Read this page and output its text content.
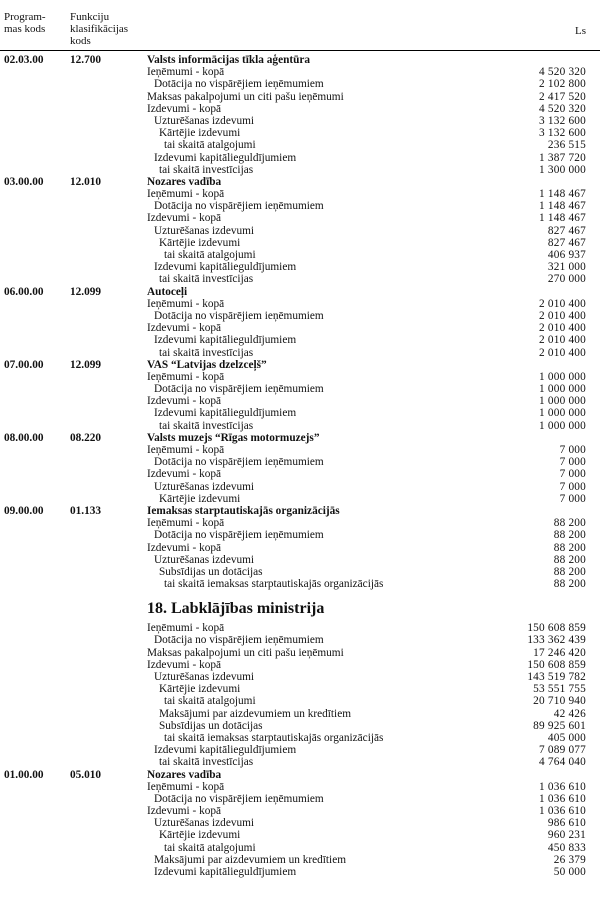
Program-
mas kods
Funkciju
klasifikācijas
kods
Ls
02.03.00 12.700	Valsts informācijas tīkla aģentūra
Ieņēmumi - kopā	4 520 320
Dotācija no vispārējiem ieņēmumiem	2 102 800
Maksas pakalpojumi un citi pašu ieņēmumi	2 417 520
Izdevumi - kopā	4 520 320
Uzturēšanas izdevumi	3 132 600
Kārtējie izdevumi	3 132 600
tai skaitā atalgojumi	236 515
Izdevumi kapitālieguldījumiem	1 387 720
tai skaitā investīcijas	1 300 000
03.00.00 12.010	Nozares vadība
Ieņēmumi - kopā	1 148 467
Dotācija no vispārējiem ieņēmumiem	1 148 467
Izdevumi - kopā	1 148 467
Uzturēšanas izdevumi	827 467
Kārtējie izdevumi	827 467
tai skaitā atalgojumi	406 937
Izdevumi kapitālieguldījumiem	321 000
tai skaitā investīcijas	270 000
06.00.00 12.099	Autoceļi
Ieņēmumi - kopā	2 010 400
Dotācija no vispārējiem ieņēmumiem	2 010 400
Izdevumi - kopā	2 010 400
Izdevumi kapitālieguldījumiem	2 010 400
tai skaitā investīcijas	2 010 400
07.00.00 12.099	VAS “Latvijas dzelzceļš”
Ieņēmumi - kopā	1 000 000
Dotācija no vispārējiem ieņēmumiem	1 000 000
Izdevumi - kopā	1 000 000
Izdevumi kapitālieguldījumiem	1 000 000
tai skaitā investīcijas	1 000 000
08.00.00 08.220	Valsts muzejs “Rīgas motormuzejs”
Ieņēmumi - kopā	7 000
Dotācija no vispārējiem ieņēmumiem	7 000
Izdevumi - kopā	7 000
Uzturēšanas izdevumi	7 000
Kārtējie izdevumi	7 000
09.00.00 01.133	Iemaksas starptautiskajās organizācijās
Ieņēmumi - kopā	88 200
Dotācija no vispārējiem ieņēmumiem	88 200
Izdevumi - kopā	88 200
Uzturēšanas izdevumi	88 200
Subsīdijas un dotācijas	88 200
tai skaitā iemaksas starptautiskajās organizācijās	88 200
18. Labklājības ministrija
Ieņēmumi - kopā	150 608 859
Dotācija no vispārējiem ieņēmumiem	133 362 439
Maksas pakalpojumi un citi pašu ieņēmumi	17 246 420
Izdevumi - kopā	150 608 859
Uzturēšanas izdevumi	143 519 782
Kārtējie izdevumi	53 551 755
tai skaitā atalgojumi	20 710 940
Maksājumi par aizdevumiem un kredītiem	42 426
Subsīdijas un dotācijas	89 925 601
tai skaitā iemaksas starptautiskajās organizācijās	405 000
Izdevumi kapitālieguldījumiem	7 089 077
tai skaitā investīcijas	4 764 040
01.00.00 05.010	Nozares vadība
Ieņēmumi - kopā	1 036 610
Dotācija no vispārējiem ieņēmumiem	1 036 610
Izdevumi - kopā	1 036 610
Uzturēšanas izdevumi	986 610
Kārtējie izdevumi	960 231
tai skaitā atalgojumi	450 833
Maksājumi par aizdevumiem un kredītiem	26 379
Izdevumi kapitālieguldījumiem	50 000
